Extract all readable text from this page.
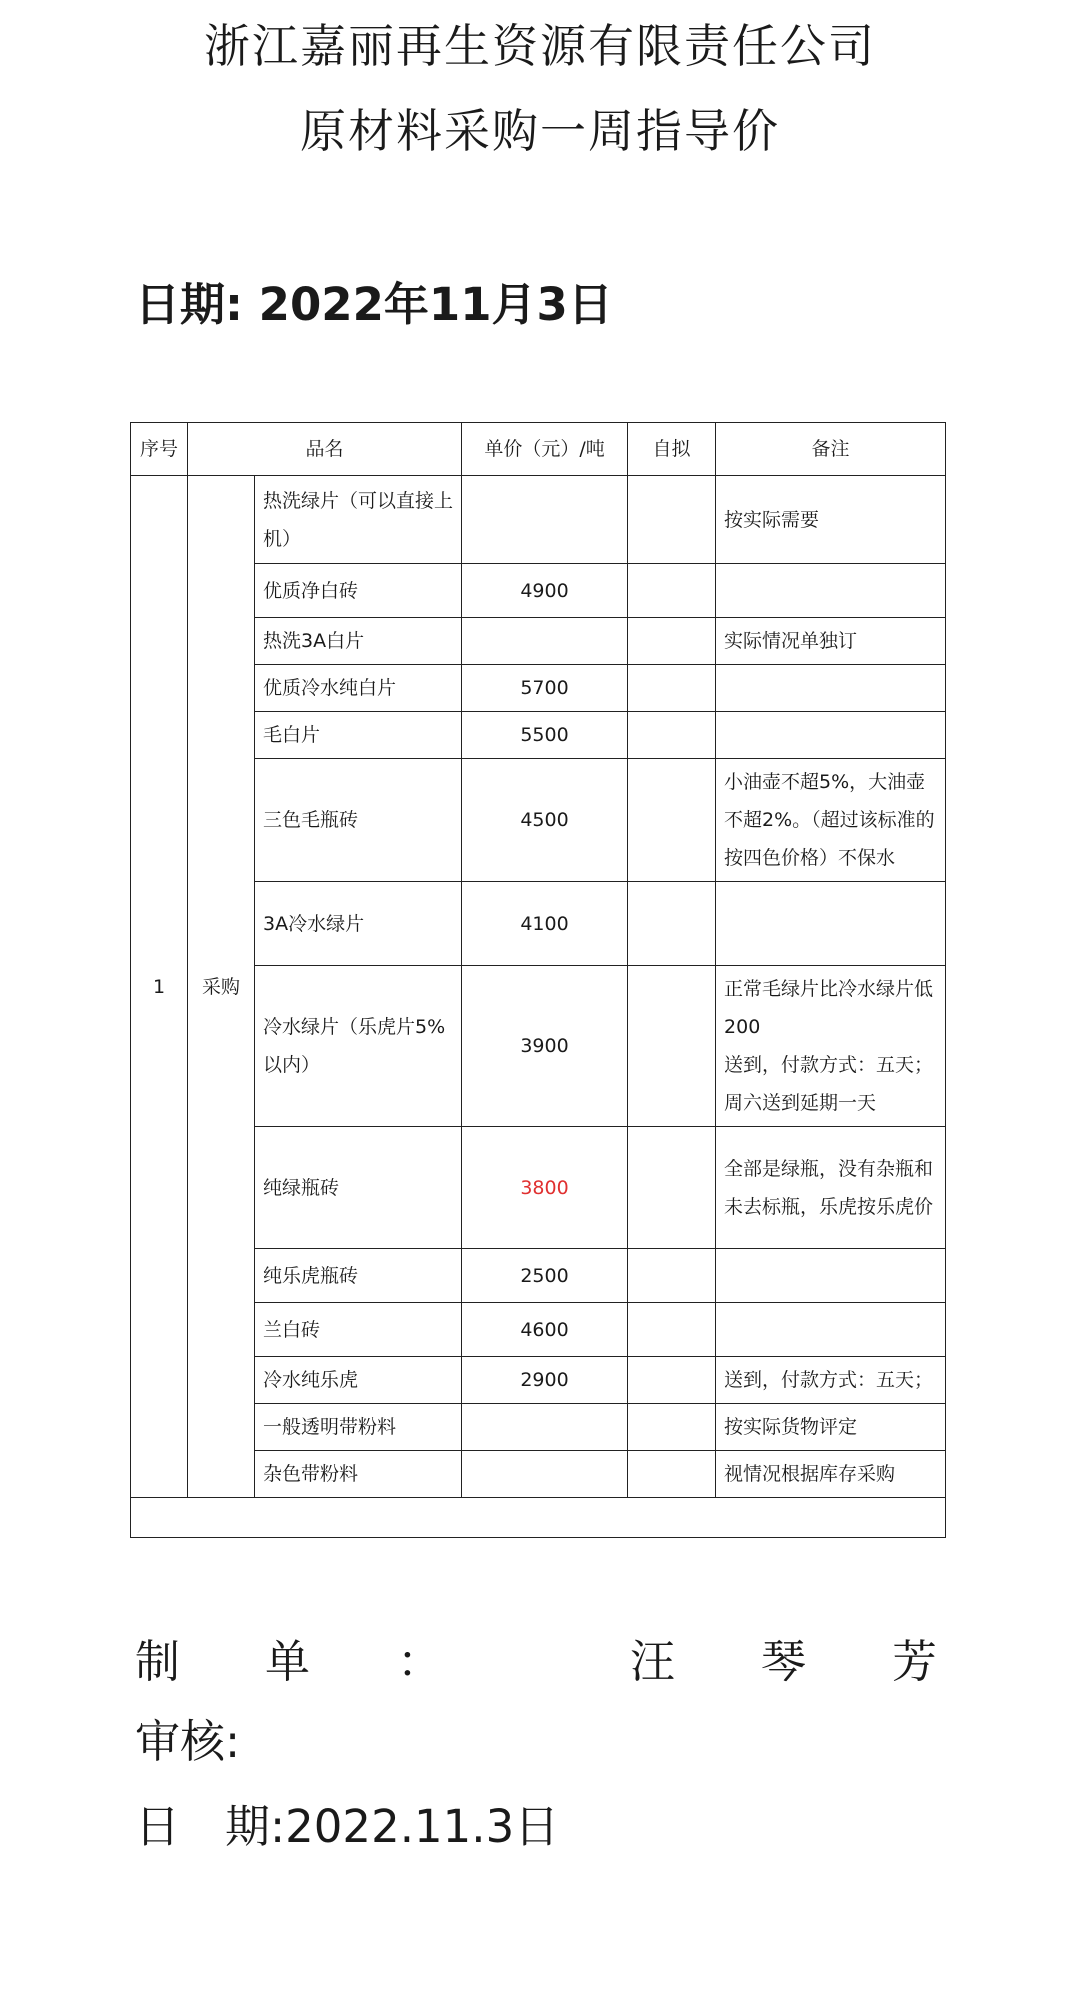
浙江嘉丽再生资源有限责任公司
原材料采购一周指导价
日期: 2022年11月3日
序号	品名		单价（元）/吨	自拟	备注
1	采购	热洗绿片（可以直接上机）			按实际需要
		优质净白砖	4900		
		热洗3A白片			实际情况单独订
		优质冷水纯白片	5700		
		毛白片	5500		
		三色毛瓶砖	4500		小油壶不超5%，大油壶不超2%。（超过该标准的按四色价格）不保水
		3A冷水绿片	4100		
		冷水绿片（乐虎片5%以内）	3900		正常毛绿片比冷水绿片低200
送到，付款方式：五天；周六送到延期一天
		纯绿瓶砖	3800		全部是绿瓶，没有杂瓶和未去标瓶，乐虎按乐虎价
		纯乐虎瓶砖	2500		
		兰白砖	4600		
		冷水纯乐虎	2900		送到，付款方式：五天；
		一般透明带粉料			按实际货物评定
		杂色带粉料			视情况根据库存采购

制 单 ：	汪 琴 芳
审核:
日　期:2022.11.3日
